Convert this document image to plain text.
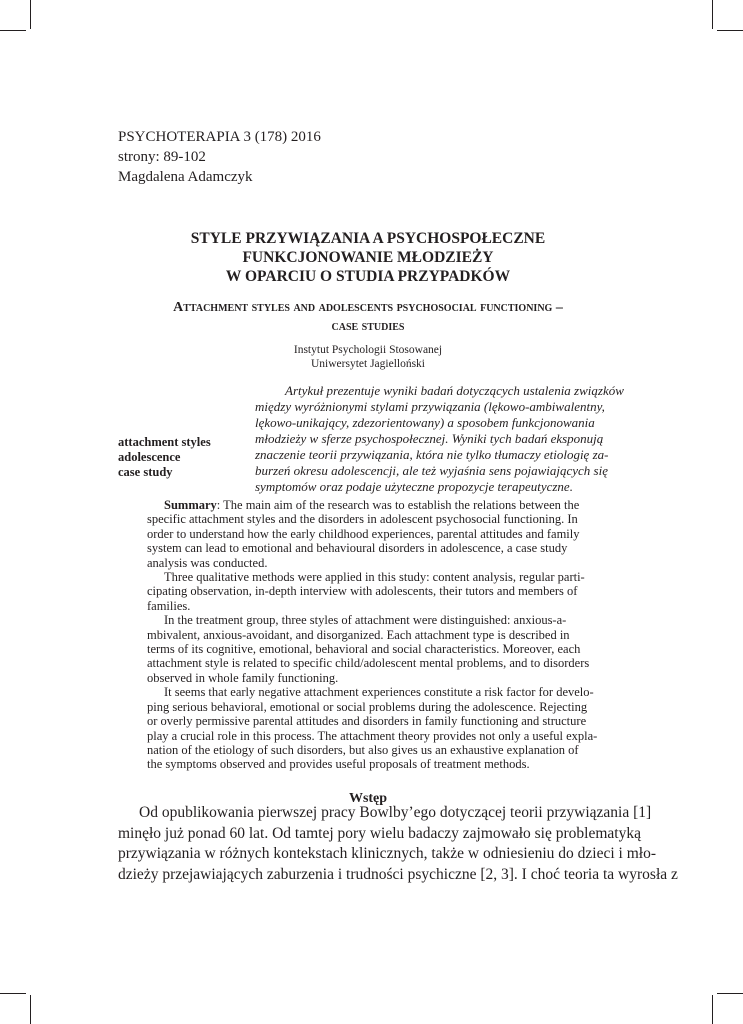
PSYCHOTERAPIA 3 (178) 2016
strony: 89-102
Magdalena Adamczyk
STYLE PRZYWIĄZANIA A PSYCHOSPOŁECZNE
FUNKCJONOWANIE MŁODZIEŻY
W OPARCIU O STUDIA PRZYPADKÓW
Attachment styles and adolescents psychosocial functioning –
case studies
Instytut Psychologii Stosowanej
Uniwersytet Jagielloński
Artykuł prezentuje wyniki badań dotyczących ustalenia związków
między wyróżnionymi stylami przywiązania (lękowo-ambiwalentny,
lękowo-unikający, zdezorientowany) a sposobem funkcjonowania
młodzieży w sferze psychospołecznej. Wyniki tych badań eksponują
znaczenie teorii przywiązania, która nie tylko tłumaczy etiologię za-
burzeń okresu adolescencji, ale też wyjaśnia sens pojawiających się
symptomów oraz podaje użyteczne propozycje terapeutyczne.
attachment styles
adolescence
case study
Summary: The main aim of the research was to establish the relations between the
specific attachment styles and the disorders in adolescent psychosocial functioning. In
order to understand how the early childhood experiences, parental attitudes and family
system can lead to emotional and behavioural disorders in adolescence, a case study
analysis was conducted.
Three qualitative methods were applied in this study: content analysis, regular parti-
cipating observation, in-depth interview with adolescents, their tutors and members of
families.
In the treatment group, three styles of attachment were distinguished: anxious-a-
mbivalent, anxious-avoidant, and disorganized. Each attachment type is described in
terms of its cognitive, emotional, behavioral and social characteristics. Moreover, each
attachment style is related to specific child/adolescent mental problems, and to disorders
observed in whole family functioning.
It seems that early negative attachment experiences constitute a risk factor for develo-
ping serious behavioral, emotional or social problems during the adolescence. Rejecting
or overly permissive parental attitudes and disorders in family functioning and structure
play a crucial role in this process. The attachment theory provides not only a useful expla-
nation of the etiology of such disorders, but also gives us an exhaustive explanation of
the symptoms observed and provides useful proposals of treatment methods.
Wstęp
Od opublikowania pierwszej pracy Bowlby’ego dotyczącej teorii przywiązania [1]
minęło już ponad 60 lat. Od tamtej pory wielu badaczy zajmowało się problematyką
przywiązania w różnych kontekstach klinicznych, także w odniesieniu do dzieci i mło-
dzieży przejawiających zaburzenia i trudności psychiczne [2, 3]. I choć teoria ta wyrosła z
